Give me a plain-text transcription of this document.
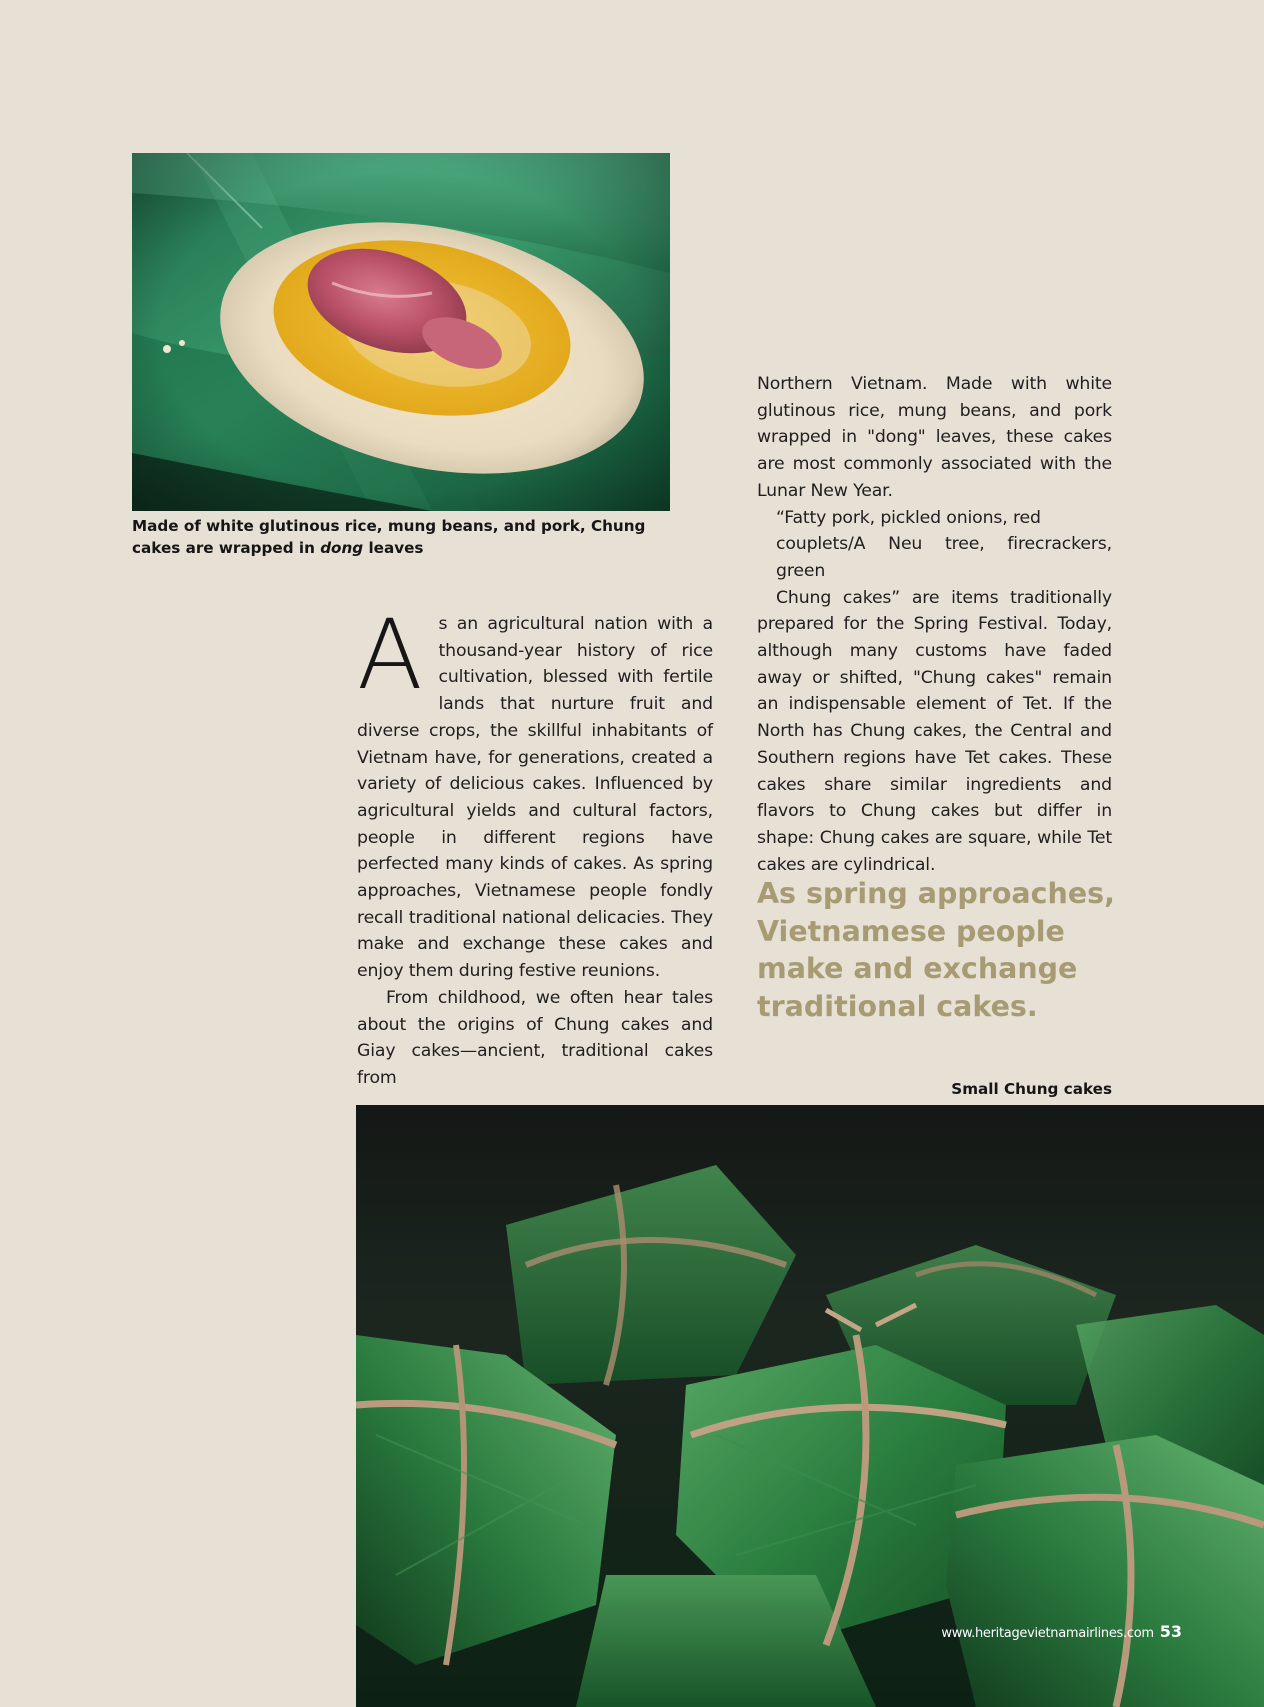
Made of white glutinous rice, mung beans, and pork, Chung cakes are wrapped in dong leaves

As an agricultural nation with a thousand-year history of rice cultivation, blessed with fertile lands that nurture fruit and diverse crops, the skillful inhabitants of Vietnam have, for generations, created a variety of delicious cakes. Influenced by agricultural yields and cultural factors, people in different regions have perfected many kinds of cakes. As spring approaches, Vietnamese people fondly recall traditional national delicacies. They make and exchange these cakes and enjoy them during festive reunions.

From childhood, we often hear tales about the origins of Chung cakes and Giay cakes—ancient, traditional cakes from

Northern Vietnam. Made with white glutinous rice, mung beans, and pork wrapped in "dong" leaves, these cakes are most commonly associated with the Lunar New Year.

“Fatty pork, pickled onions, red
couplets/A Neu tree, firecrackers, green
Chung cakes” are items traditionally prepared for the Spring Festival. Today, although many customs have faded away or shifted, "Chung cakes" remain an indispensable element of Tet. If the North has Chung cakes, the Central and Southern regions have Tet cakes. These cakes share similar ingredients and flavors to Chung cakes but differ in shape: Chung cakes are square, while Tet cakes are cylindrical.

As spring approaches, Vietnamese people make and exchange traditional cakes.

Small Chung cakes
www.heritagevietnamairlines.com 53
